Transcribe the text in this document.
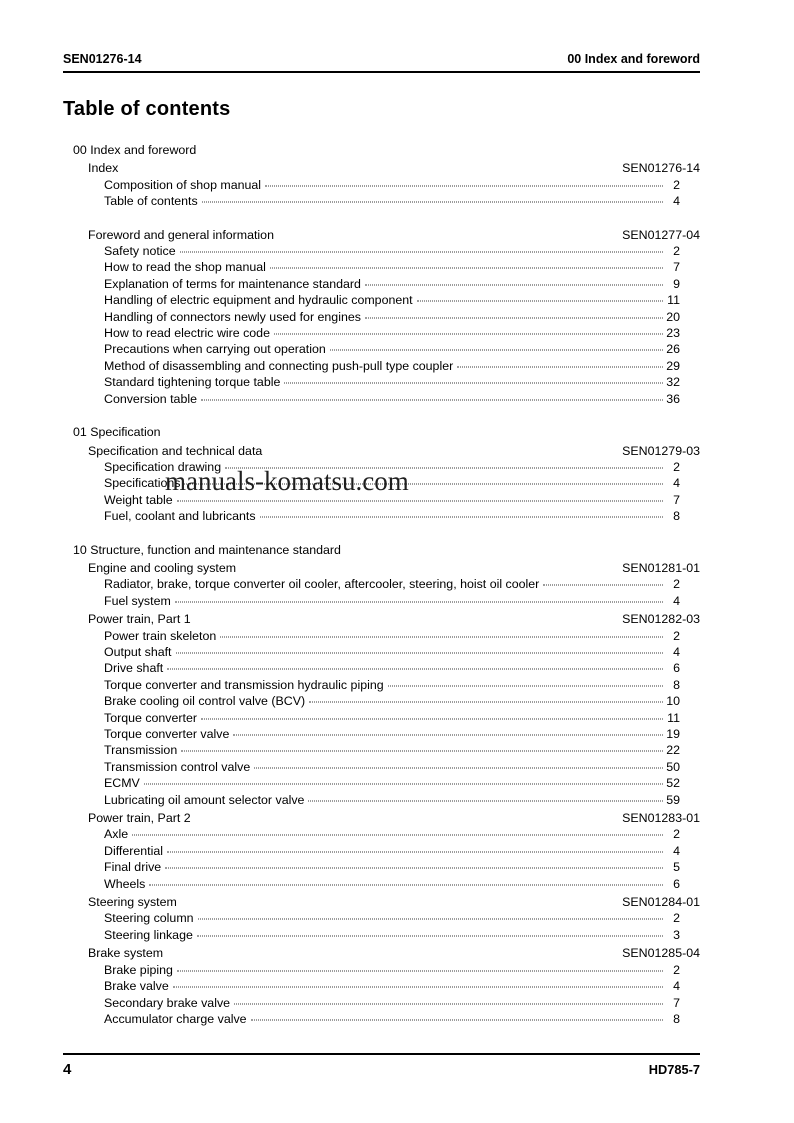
SEN01276-14	00 Index and foreword
Table of contents
00 Index and foreword
Index	SEN01276-14
Composition of shop manual	2
Table of contents	4
Foreword and general information	SEN01277-04
Safety notice	2
How to read the shop manual	7
Explanation of terms for maintenance standard	9
Handling of electric equipment and hydraulic component	11
Handling of connectors newly used for engines	20
How to read electric wire code	23
Precautions when carrying out operation	26
Method of disassembling and connecting push-pull type coupler	29
Standard tightening torque table	32
Conversion table	36
01 Specification
Specification and technical data	SEN01279-03
Specification drawing	2
Specifications	4
Weight table	7
Fuel, coolant and lubricants	8
10 Structure, function and maintenance standard
Engine and cooling system	SEN01281-01
Radiator, brake, torque converter oil cooler, aftercooler, steering, hoist oil cooler	2
Fuel system	4
Power train, Part 1	SEN01282-03
Power train skeleton	2
Output shaft	4
Drive shaft	6
Torque converter and transmission hydraulic piping	8
Brake cooling oil control valve (BCV)	10
Torque converter	11
Torque converter valve	19
Transmission	22
Transmission control valve	50
ECMV	52
Lubricating oil amount selector valve	59
Power train, Part 2	SEN01283-01
Axle	2
Differential	4
Final drive	5
Wheels	6
Steering system	SEN01284-01
Steering column	2
Steering linkage	3
Brake system	SEN01285-04
Brake piping	2
Brake valve	4
Secondary brake valve	7
Accumulator charge valve	8
manuals-komatsu.com
4	HD785-7
